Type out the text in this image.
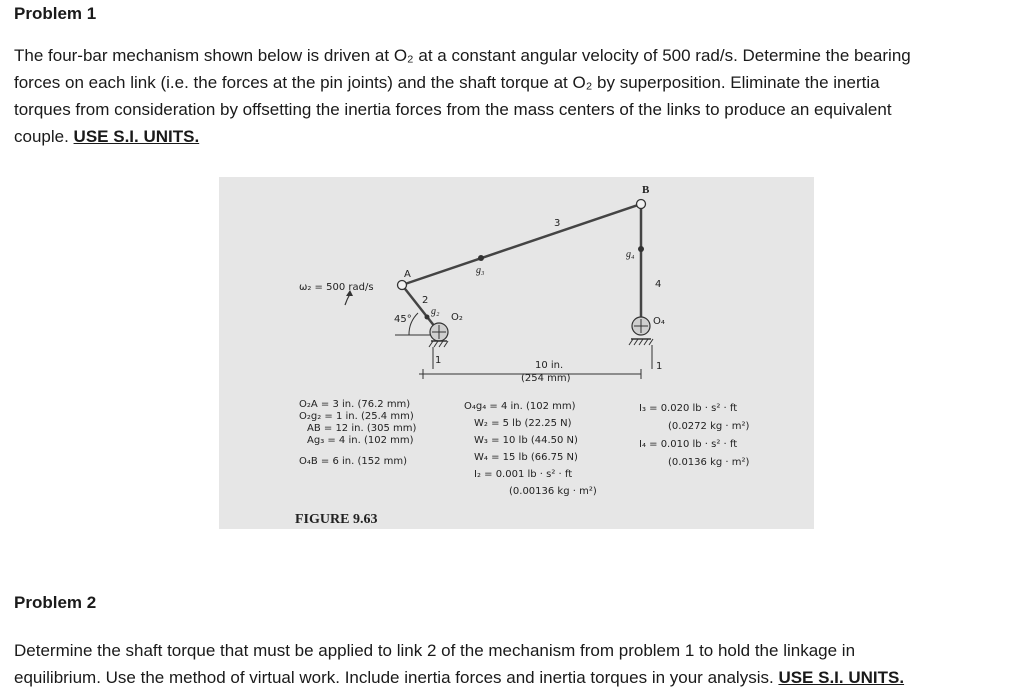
Problem 1
The four-bar mechanism shown below is driven at O₂ at a constant angular velocity of 500 rad/s. Determine the bearing
forces on each link (i.e. the forces at the pin joints) and the shaft torque at O₂ by superposition. Eliminate the inertia
torques from consideration by offsetting the inertia forces from the mass centers of the links to produce an equivalent
couple. USE S.I. UNITS.
ω₂ = 500 rad/s
A
B
O₂	O₄
g₂
g₃
g₄
45°
2
3
4
1
1
10 in.
(254 mm)
O₂A = 3 in. (76.2 mm)
O₂g₂ = 1 in. (25.4 mm)
AB = 12 in. (305 mm)
Ag₃ = 4 in. (102 mm)
O₄B = 6 in. (152 mm)
O₄g₄ = 4 in. (102 mm)
W₂ = 5 lb (22.25 N)
W₃ = 10 lb (44.50 N)
W₄ = 15 lb (66.75 N)
I₂ = 0.001 lb · s² · ft
(0.00136 kg · m²)
I₃ = 0.020 lb · s² · ft
(0.0272 kg · m²)
I₄ = 0.010 lb · s² · ft
(0.0136 kg · m²)
FIGURE 9.63
Problem 2
Determine the shaft torque that must be applied to link 2 of the mechanism from problem 1 to hold the linkage in
equilibrium. Use the method of virtual work. Include inertia forces and inertia torques in your analysis. USE S.I. UNITS.
